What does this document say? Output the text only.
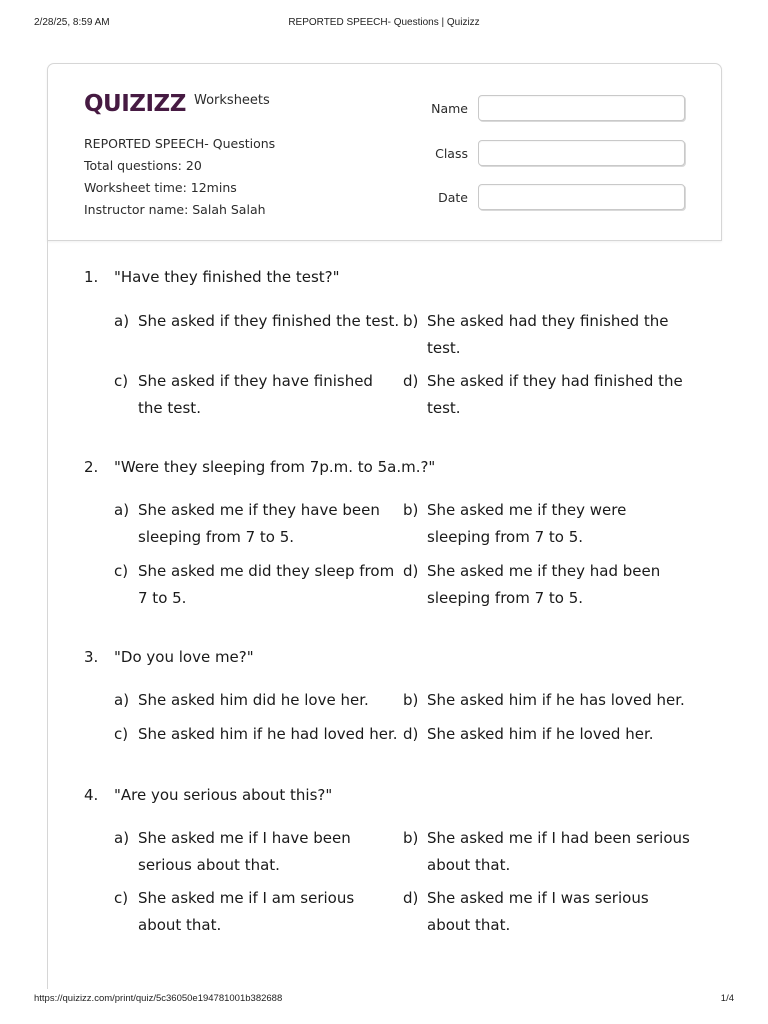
2/28/25, 8:59 AM	REPORTED SPEECH- Questions | Quizizz
QUIZIZZ Worksheets
REPORTED SPEECH- Questions
Total questions: 20
Worksheet time: 12mins
Instructor name: Salah Salah
Name
Class
Date
1. "Have they finished the test?"
a) She asked if they finished the test. b) She asked had they finished the test.
c) She asked if they have finished the test.
d) She asked if they had finished the test.
2. "Were they sleeping from 7p.m. to 5a.m.?"
a) She asked me if they have been sleeping from 7 to 5.
b) She asked me if they were sleeping from 7 to 5.
c) She asked me did they sleep from 7 to 5.
d) She asked me if they had been sleeping from 7 to 5.
3. "Do you love me?"
a) She asked him did he love her.	b) She asked him if he has loved her.
c) She asked him if he had loved her. d) She asked him if he loved her.
4. "Are you serious about this?"
a) She asked me if I have been serious about that.
b) She asked me if I had been serious about that.
c) She asked me if I am serious about that.
d) She asked me if I was serious about that.
https://quizizz.com/print/quiz/5c36050e194781001b382688	1/4
